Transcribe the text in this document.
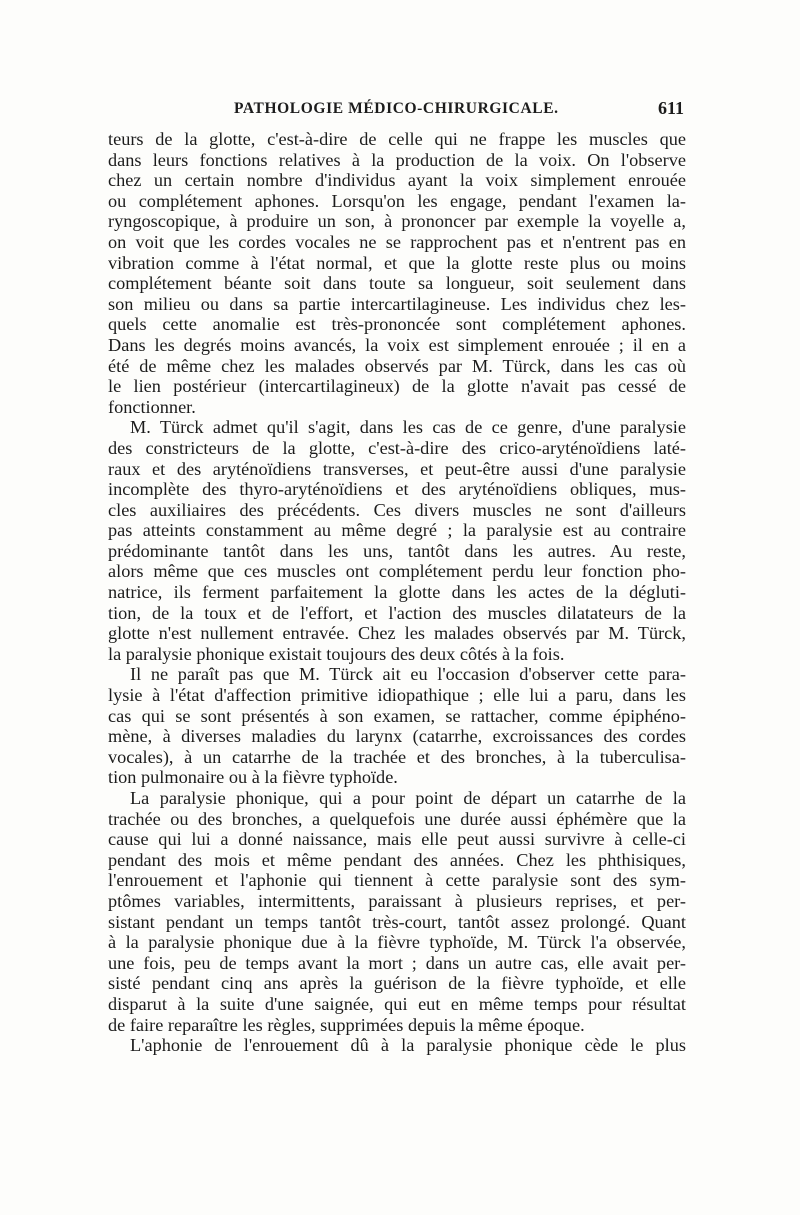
PATHOLOGIE MÉDICO-CHIRURGICALE.	611
teurs de la glotte, c'est-à-dire de celle qui ne frappe les muscles que
dans leurs fonctions relatives à la production de la voix. On l'observe
chez un certain nombre d'individus ayant la voix simplement enrouée
ou complétement aphones. Lorsqu'on les engage, pendant l'examen la-
ryngoscopique, à produire un son, à prononcer par exemple la voyelle a,
on voit que les cordes vocales ne se rapprochent pas et n'entrent pas en
vibration comme à l'état normal, et que la glotte reste plus ou moins
complétement béante soit dans toute sa longueur, soit seulement dans
son milieu ou dans sa partie intercartilagineuse. Les individus chez les-
quels cette anomalie est très-prononcée sont complétement aphones.
Dans les degrés moins avancés, la voix est simplement enrouée ; il en a
été de même chez les malades observés par M. Türck, dans les cas où
le lien postérieur (intercartilagineux) de la glotte n'avait pas cessé de
fonctionner.
M. Türck admet qu'il s'agit, dans les cas de ce genre, d'une paralysie
des constricteurs de la glotte, c'est-à-dire des crico-aryténoïdiens laté-
raux et des aryténoïdiens transverses, et peut-être aussi d'une paralysie
incomplète des thyro-aryténoïdiens et des aryténoïdiens obliques, mus-
cles auxiliaires des précédents. Ces divers muscles ne sont d'ailleurs
pas atteints constamment au même degré ; la paralysie est au contraire
prédominante tantôt dans les uns, tantôt dans les autres. Au reste,
alors même que ces muscles ont complétement perdu leur fonction pho-
natrice, ils ferment parfaitement la glotte dans les actes de la dégluti-
tion, de la toux et de l'effort, et l'action des muscles dilatateurs de la
glotte n'est nullement entravée. Chez les malades observés par M. Türck,
la paralysie phonique existait toujours des deux côtés à la fois.
Il ne paraît pas que M. Türck ait eu l'occasion d'observer cette para-
lysie à l'état d'affection primitive idiopathique ; elle lui a paru, dans les
cas qui se sont présentés à son examen, se rattacher, comme épiphéno-
mène, à diverses maladies du larynx (catarrhe, excroissances des cordes
vocales), à un catarrhe de la trachée et des bronches, à la tuberculisa-
tion pulmonaire ou à la fièvre typhoïde.
La paralysie phonique, qui a pour point de départ un catarrhe de la
trachée ou des bronches, a quelquefois une durée aussi éphémère que la
cause qui lui a donné naissance, mais elle peut aussi survivre à celle-ci
pendant des mois et même pendant des années. Chez les phthisiques,
l'enrouement et l'aphonie qui tiennent à cette paralysie sont des sym-
ptômes variables, intermittents, paraissant à plusieurs reprises, et per-
sistant pendant un temps tantôt très-court, tantôt assez prolongé. Quant
à la paralysie phonique due à la fièvre typhoïde, M. Türck l'a observée,
une fois, peu de temps avant la mort ; dans un autre cas, elle avait per-
sisté pendant cinq ans après la guérison de la fièvre typhoïde, et elle
disparut à la suite d'une saignée, qui eut en même temps pour résultat
de faire reparaître les règles, supprimées depuis la même époque.
L'aphonie de l'enrouement dû à la paralysie phonique cède le plus
